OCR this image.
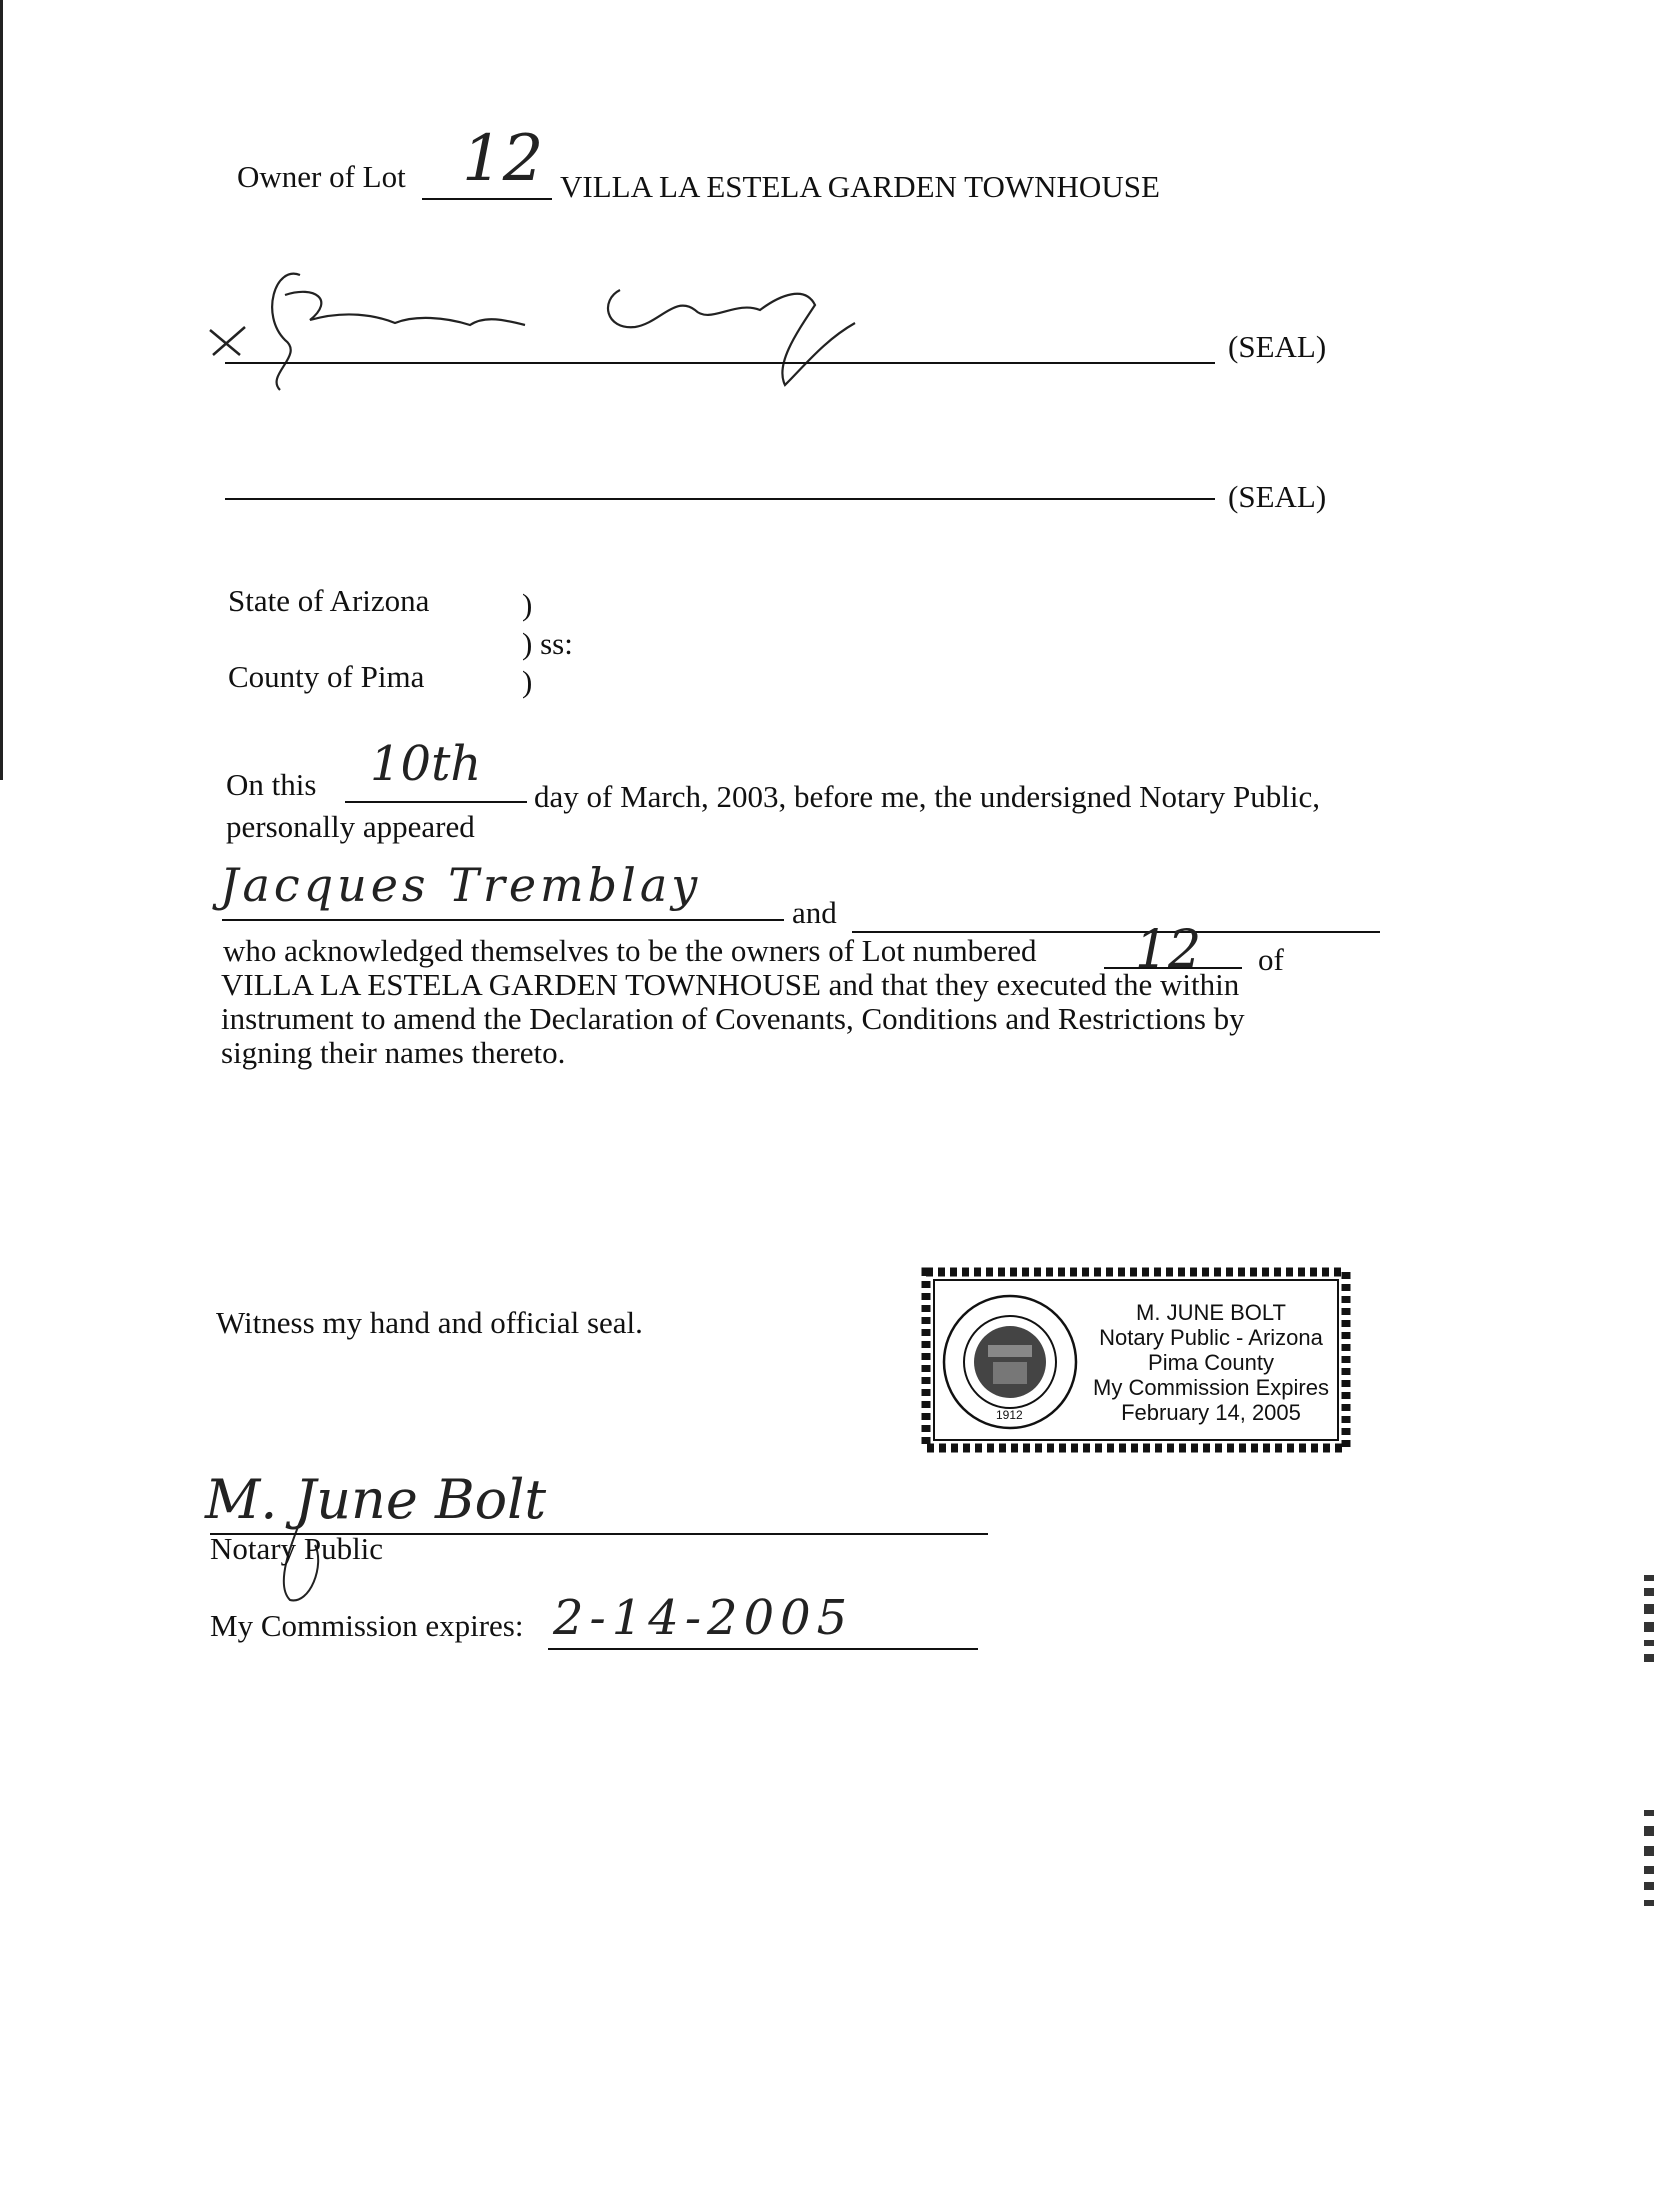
Owner of Lot 12 VILLA LA ESTELA GARDEN TOWNHOUSE
(SEAL)
(SEAL)
State of Arizona	)
) ss:
County of Pima	)
On this 10th
day of March, 2003, before me, the undersigned Notary Public,
personally appeared
Jacques Tremblay
and
who acknowledged themselves to be the owners of Lot numbered 12 of
VILLA LA ESTELA GARDEN TOWNHOUSE and that they executed the within instrument to amend the Declaration of Covenants, Conditions and Restrictions by signing their names thereto.
Witness my hand and official seal.
M. June Bolt
Notary Public
My Commission expires: 2-14-2005
1912
M. JUNE BOLT
Notary Public - Arizona
Pima County
My Commission Expires
February 14, 2005
